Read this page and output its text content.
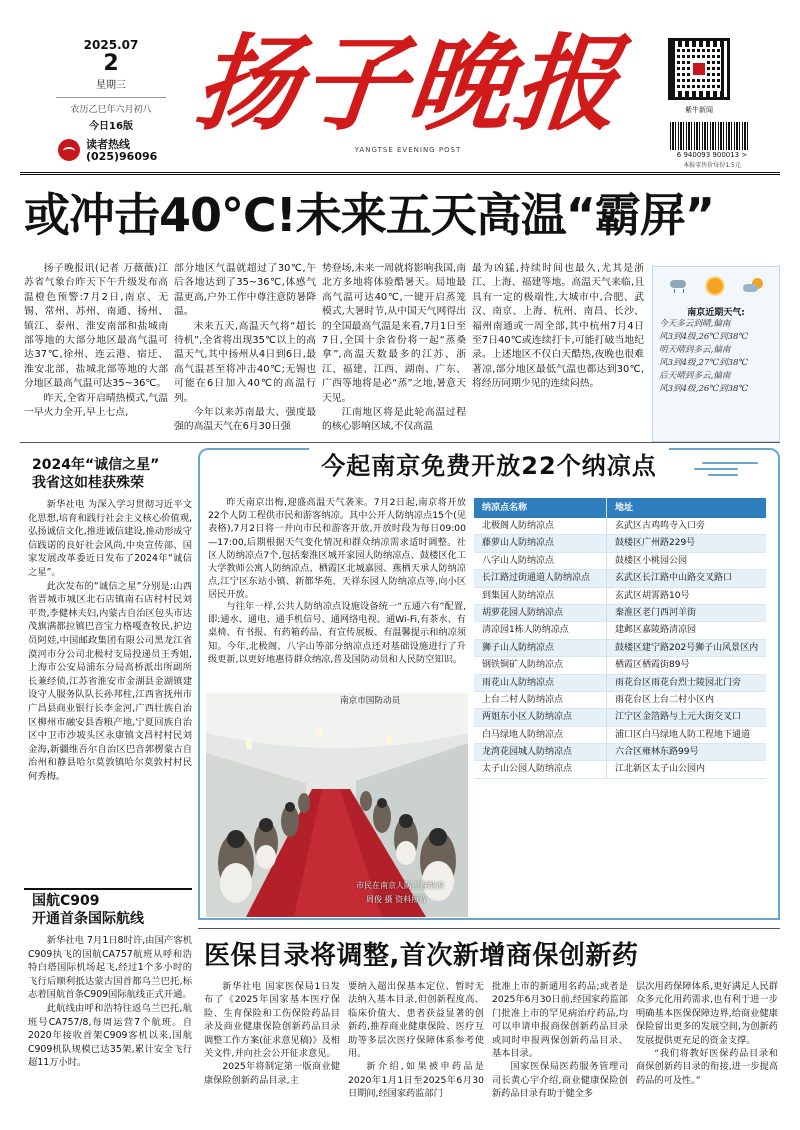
2025.07
2
星期三
农历乙巳年六月初八
今日16版
读者热线
(025)96096
扬子晚报
YANGTSE EVENING POST
紫牛新闻
6 940093 900013 >
本报零售价每份1.5元
或冲击40℃!未来五天高温“霸屏”

扬子晚报讯(记者 万薇薇)江苏省气象台昨天下午升级发布高温橙色预警:7月2日,南京、无锡、常州、苏州、南通、扬州、镇江、泰州、淮安南部和盐城南部等地的大部分地区最高气温可达37℃,徐州、连云港、宿迁、淮安北部、盐城北部等地的大部分地区最高气温可达35~36℃。

昨天,全省开启晴热模式,气温一早火力全开,早上七点,

部分地区气温就超过了30℃,午后各地达到了35~36℃,体感气温更高,户外工作中尊注意防暑降温。

未来五天,高温天气将“超长待机”,全省将出现35℃以上的高温天气,其中扬州从4日到6日,最高气温甚至将冲击40℃;无锡也可能在6日加入40℃的高温行列。

今年以来苏南最大、强度最强的高温天气在6月30日强

势登场,未来一周就将影响我国,南北方多地将体验酷暑天。局地最高气温可达40℃,一键开启蒸笼模式,大暑时节,从中国天气网得出的全国最高气温是来看,7月1日至7日,全国十余省份将一起“蒸桑拿”,高温天数最多的江苏、浙江、福建、江西、湖南、广东、广西等地将是必“蒸”之地,暑意天天见。

江南地区将是此轮高温过程的核心影响区域,不仅高温

最为凶猛,持续时间也最久,尤其是浙江、上海、福建等地。高温天气来临,且具有一定的极端性,大城市中,合肥、武汉、南京、上海、杭州、南昌、长沙、福州南通或一周全部,其中杭州7月4日至7日40℃或连续打卡,可能打破当地纪录。上述地区不仅白天酷热,夜晚也很难著凉,部分地区最低气温也都达到30℃,将经历同期少见的连续闷热。

南京近期天气:
今天多云到晴,偏南
风3到4级,26℃到38℃
明天晴到多云,偏南
风3到4级,27℃到38℃
后天晴到多云,偏南
风3到4级,26℃到38℃
2024年“诚信之星”
我省这如桂获殊荣

新华社电 为深入学习贯彻习近平文化思想,培育和践行社会主义核心价值观,弘扬诚信文化,推进诚信建设,推动形成守信践诺的良好社会风尚,中央宣传部、国家发展改革委近日发布了2024年“诚信之星”。

此次发布的“诚信之星”分别是:山西省晋城市城区北石店镇南石店村村民刘平贵,李健林夫妇,内蒙古自治区包头市达茂旗满都拉镇巴音宝力格嘎查牧民,护边员阿娃,中国邮政集团有限公司黑龙江省漠河市分公司北极村支局投递员王秀姐,上海市公安局浦东分局高桥派出所副所长兼经侦,江苏省淮安市金湖县金湖镇建设守人服务队队长孙邦柱,江西省抚州市广昌县商业银行长李金河,广西壮族自治区柳州市融安县香粮产地,宁夏回族自治区中卫市沙坡头区永康镇文昌村村民刘金海,新疆维吾尔自治区巴音郭楞蒙古自治州和静县哈尔莫敦镇哈尔莫敦村村民何秀梅。

国航C909
开通首条国际航线

新华社电 7月1日8时许,由国产客机C909执飞的国航CA757航班从呼和浩特白塔国际机场起飞,经过1个多小时的飞行后顺利抵达蒙古国首都乌兰巴托,标志着国航首条C909国际航线正式开通。

此航线由呼和浩特往返乌兰巴托,航班号CA757/8,每周运营7个航班。自2020年接收首架C909客机以来,国航C909机队规模已达35架,累计安全飞行超11万小时。

今起南京免费开放22个纳凉点

昨天南京出梅,迎盛高温天气袭来。7月2日起,南京将开放22个人防工程供市民和游客纳凉。其中公开人防纳凉点15个(见表格),7月2日将一并向市民和游客开放,开放时段为每日09:00—17:00,后期根据天气变化情况和群众纳凉需求适时调整。社区人防纳凉点7个,包括秦淮区城开家园人防纳凉点、鼓楼区化工大学教师公寓人防纳凉点、栖霞区北城嘉园、燕栖天承人防纳凉点,江宁区东站小镇、新都华苑、天祥东园人防纳凉点等,向小区居民开放。

与往年一样,公共人防纳凉点设施设备统一“五通六有”配置,即:通水、通电、通手机信号、通网络电视、通Wi-Fi,有茶水、有桌椅、有书报、有药箱药品、有宣传展板、有温馨提示和纳凉须知。今年,北极阁、八字山等部分纳凉点还对基础设施进行了升级更新,以更好地惠待群众纳凉,普及国防动员和人民防空知识。

纳凉点名称	地址
北极阁人防纳凉点	玄武区古鸡鸣寺入口旁
藤萝山人防纳凉点	鼓楼区广州路229号
八字山人防纳凉点	鼓楼区小桃园公园
长江路过街通道人防纳凉点	玄武区长江路中山路交叉路口
到集国人防纳凉点	玄武区胡霄路10号
胡萝花园人防纳凉点	秦淮区老门西河羊街
清凉园1栋人防纳凉点	建邺区嘉陵路清凉园
狮子山人防纳凉点	鼓楼区建宁路202号狮子山风景区内
钢铁铜矿人防纳凉点	栖霞区栖霞街89号
雨花山人防纳凉点	雨花台区雨花台烈士陵园北门旁
上台二村人防纳凉点	雨花台区上台二村小区内
两姐东小区人防纳凉点	江宁区金箔路与上元大街交叉口
白马绿地人防纳凉点	浦口区白马绿地人防工程地下通道
龙湾花园城人防纳凉点	六合区雍林东路99号
太子山公园人防纳凉点	江北新区太子山公园内
南京市国防动员
市民在南京人防工程纳凉
周俊 摄 资料照片
医保目录将调整,首次新增商保创新药

新华社电 国家医保局1日发布了《2025年国家基本医疗保险、生育保险和工伤保险药品目录及商业健康保险创新药品目录调整工作方案(征求意见稿)》及相关文件,并向社会公开征求意见。

2025年将制定第一版商业健康保险创新药品目录,主

要纳入超出保基本定位、暂时无法纳入基本目录,但创新程度高、临床价值大、患者获益显著的创新药,推荐商业健康保险、医疗互助等多层次医疗保障体系参考使用。

新介绍,如果被申药品是2020年1月1日至2025年6月30日期间,经国家药监部门

批准上市的新通用名药品;或者是2025年6月30日前,经国家药监部门批准上市的罕见病治疗药品,均可以申请申报商保创新药品目录或同时申报两保创新药品目录、基本目录。

国家医保局医药服务管理司司长黄心宇介绍,商业健康保险创新药品目录有助于健全多

层次用药保障体系,更好满足人民群众多元化用药需求,也有利于进一步明确基本医保保障边界,给商业健康保险留出更多的发展空间,为创新药发展提供更充足的资金支撑。

“我们将教好医保药品目录和商保创新药目录的衔接,进一步提高药品的可及性。”
